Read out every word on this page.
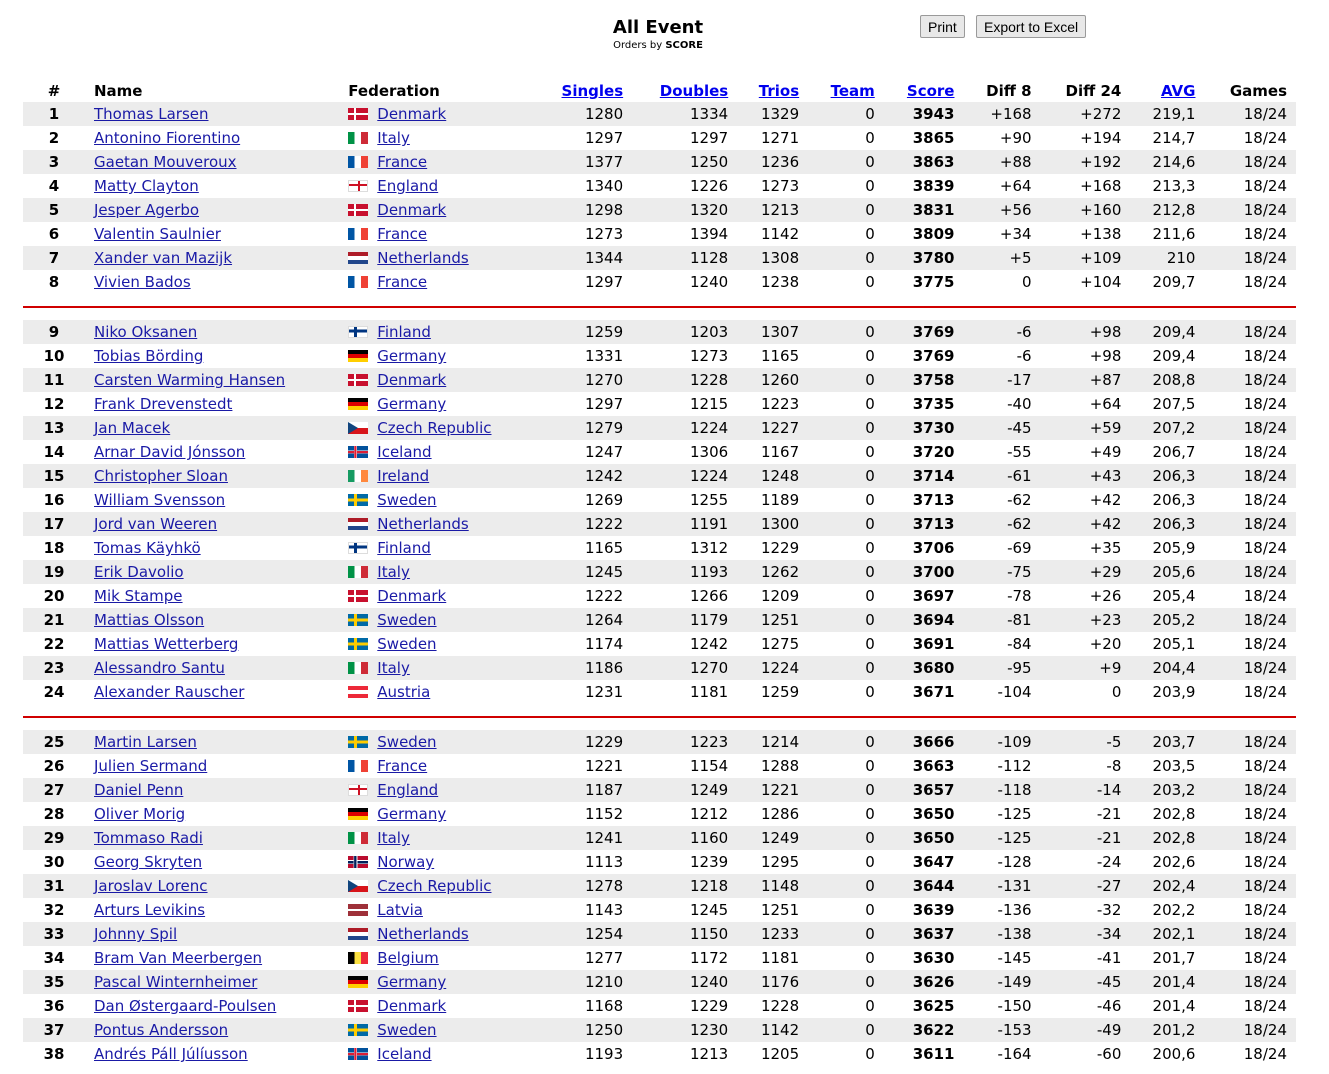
All Event
Orders by SCORE
Print	Export to Excel
#	Name	Federation	Singles	Doubles	Trios	Team	Score	Diff 8	Diff 24	AVG	Games
1	Thomas Larsen	Denmark	1280	1334	1329	0	3943	+168	+272	219,1	18/24
2	Antonino Fiorentino	Italy	1297	1297	1271	0	3865	+90	+194	214,7	18/24
3	Gaetan Mouveroux	France	1377	1250	1236	0	3863	+88	+192	214,6	18/24
4	Matty Clayton	England	1340	1226	1273	0	3839	+64	+168	213,3	18/24
5	Jesper Agerbo	Denmark	1298	1320	1213	0	3831	+56	+160	212,8	18/24
6	Valentin Saulnier	France	1273	1394	1142	0	3809	+34	+138	211,6	18/24
7	Xander van Mazijk	Netherlands	1344	1128	1308	0	3780	+5	+109	210	18/24
8	Vivien Bados	France	1297	1240	1238	0	3775	0	+104	209,7	18/24

9	Niko Oksanen	Finland	1259	1203	1307	0	3769	-6	+98	209,4	18/24
10	Tobias Börding	Germany	1331	1273	1165	0	3769	-6	+98	209,4	18/24
11	Carsten Warming Hansen	Denmark	1270	1228	1260	0	3758	-17	+87	208,8	18/24
12	Frank Drevenstedt	Germany	1297	1215	1223	0	3735	-40	+64	207,5	18/24
13	Jan Macek	Czech Republic	1279	1224	1227	0	3730	-45	+59	207,2	18/24
14	Arnar David Jónsson	Iceland	1247	1306	1167	0	3720	-55	+49	206,7	18/24
15	Christopher Sloan	Ireland	1242	1224	1248	0	3714	-61	+43	206,3	18/24
16	William Svensson	Sweden	1269	1255	1189	0	3713	-62	+42	206,3	18/24
17	Jord van Weeren	Netherlands	1222	1191	1300	0	3713	-62	+42	206,3	18/24
18	Tomas Käyhkö	Finland	1165	1312	1229	0	3706	-69	+35	205,9	18/24
19	Erik Davolio	Italy	1245	1193	1262	0	3700	-75	+29	205,6	18/24
20	Mik Stampe	Denmark	1222	1266	1209	0	3697	-78	+26	205,4	18/24
21	Mattias Olsson	Sweden	1264	1179	1251	0	3694	-81	+23	205,2	18/24
22	Mattias Wetterberg	Sweden	1174	1242	1275	0	3691	-84	+20	205,1	18/24
23	Alessandro Santu	Italy	1186	1270	1224	0	3680	-95	+9	204,4	18/24
24	Alexander Rauscher	Austria	1231	1181	1259	0	3671	-104	0	203,9	18/24

25	Martin Larsen	Sweden	1229	1223	1214	0	3666	-109	-5	203,7	18/24
26	Julien Sermand	France	1221	1154	1288	0	3663	-112	-8	203,5	18/24
27	Daniel Penn	England	1187	1249	1221	0	3657	-118	-14	203,2	18/24
28	Oliver Morig	Germany	1152	1212	1286	0	3650	-125	-21	202,8	18/24
29	Tommaso Radi	Italy	1241	1160	1249	0	3650	-125	-21	202,8	18/24
30	Georg Skryten	Norway	1113	1239	1295	0	3647	-128	-24	202,6	18/24
31	Jaroslav Lorenc	Czech Republic	1278	1218	1148	0	3644	-131	-27	202,4	18/24
32	Arturs Levikins	Latvia	1143	1245	1251	0	3639	-136	-32	202,2	18/24
33	Johnny Spil	Netherlands	1254	1150	1233	0	3637	-138	-34	202,1	18/24
34	Bram Van Meerbergen	Belgium	1277	1172	1181	0	3630	-145	-41	201,7	18/24
35	Pascal Winternheimer	Germany	1210	1240	1176	0	3626	-149	-45	201,4	18/24
36	Dan Østergaard-Poulsen	Denmark	1168	1229	1228	0	3625	-150	-46	201,4	18/24
37	Pontus Andersson	Sweden	1250	1230	1142	0	3622	-153	-49	201,2	18/24
38	Andrés Páll Júlíusson	Iceland	1193	1213	1205	0	3611	-164	-60	200,6	18/24
